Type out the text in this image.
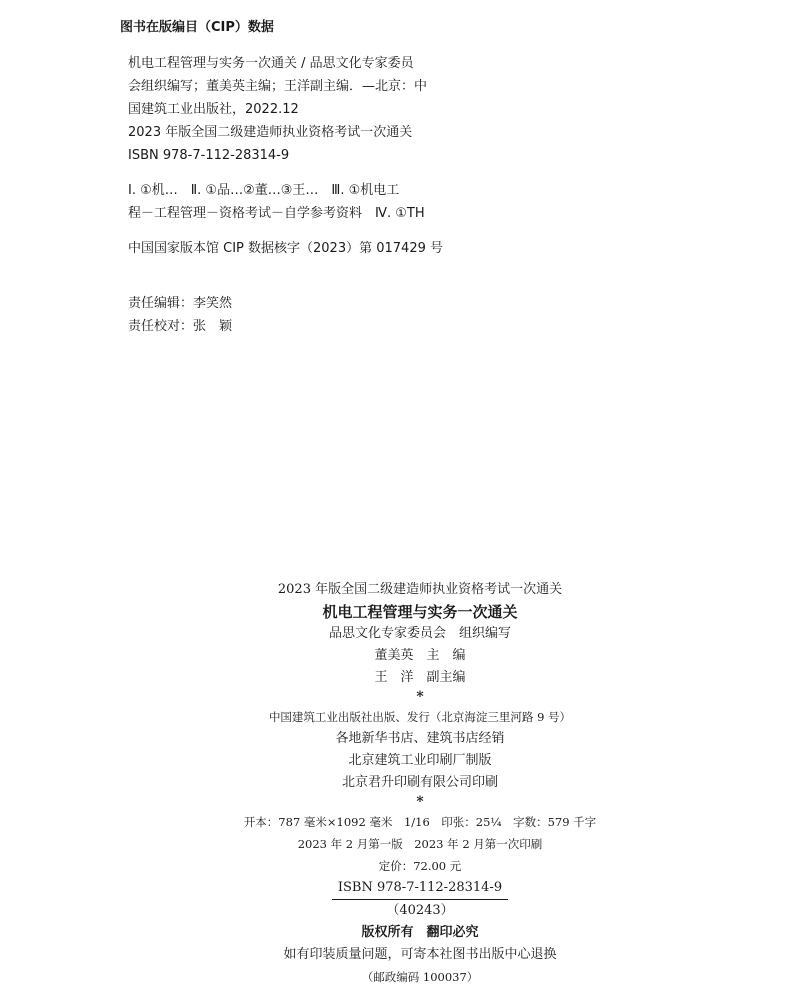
图书在版编目（CIP）数据
机电工程管理与实务一次通关 / 品思文化专家委员
会组织编写；董美英主编；王洋副主编．—北京：中
国建筑工业出版社，2022.12
2023 年版全国二级建造师执业资格考试一次通关
ISBN 978-7-112-28314-9
Ⅰ. ①机…　Ⅱ. ①品…②董…③王…　Ⅲ. ①机电工
程－工程管理－资格考试－自学参考资料　Ⅳ. ①TH
中国国家版本馆 CIP 数据核字（2023）第 017429 号
责任编辑：李笑然
责任校对：张　颖
2023 年版全国二级建造师执业资格考试一次通关
机电工程管理与实务一次通关
品思文化专家委员会　组织编写
董美英　主　编
王　洋　副主编
*
中国建筑工业出版社出版、发行（北京海淀三里河路 9 号）
各地新华书店、建筑书店经销
北京建筑工业印刷厂制版
北京君升印刷有限公司印刷
*
开本：787 毫米×1092 毫米　1/16　印张：25¼　字数：579 千字
2023 年 2 月第一版　2023 年 2 月第一次印刷
定价：72.00 元
ISBN 978-7-112-28314-9
（40243）
版权所有　翻印必究
如有印装质量问题，可寄本社图书出版中心退换
（邮政编码 100037）
